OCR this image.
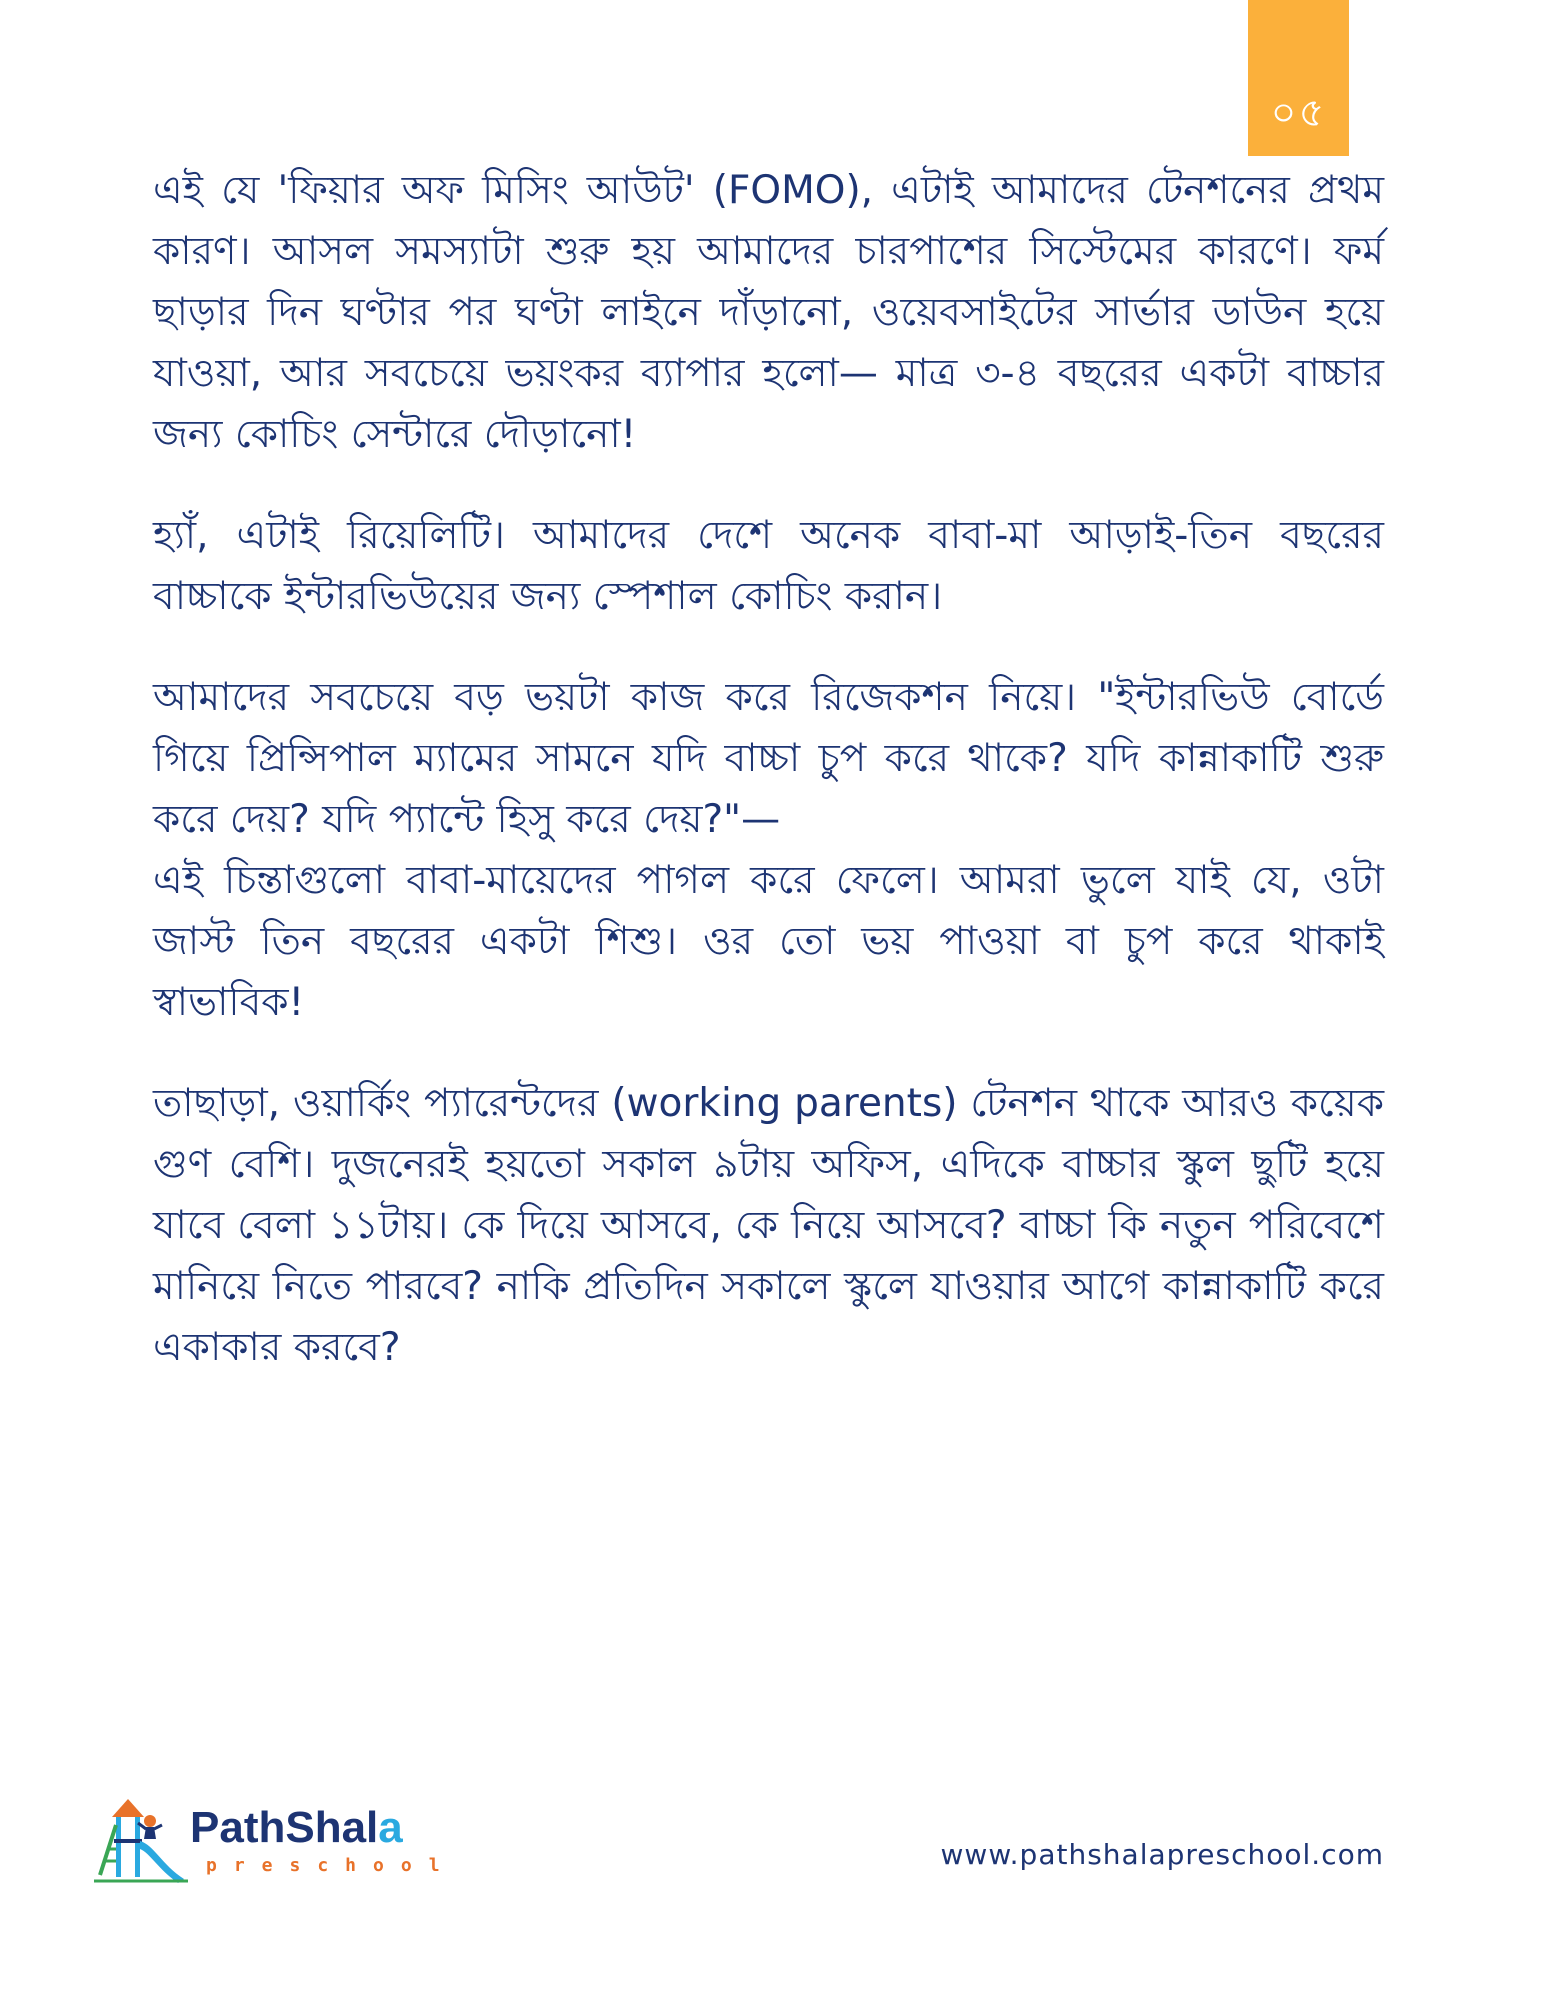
০৫

এই যে 'ফিয়ার অফ মিসিং আউট' (FOMO), এটাই আমাদের টেনশনের প্রথম কারণ। আসল সমস্যাটা শুরু হয় আমাদের চারপাশের সিস্টেমের কারণে। ফর্ম ছাড়ার দিন ঘণ্টার পর ঘণ্টা লাইনে দাঁড়ানো, ওয়েবসাইটের সার্ভার ডাউন হয়ে যাওয়া, আর সবচেয়ে ভয়ংকর ব্যাপার হলো— মাত্র ৩-৪ বছরের একটা বাচ্চার জন্য কোচিং সেন্টারে দৌড়ানো!

হ্যাঁ, এটাই রিয়েলিটি। আমাদের দেশে অনেক বাবা-মা আড়াই-তিন বছরের বাচ্চাকে ইন্টারভিউয়ের জন্য স্পেশাল কোচিং করান।

আমাদের সবচেয়ে বড় ভয়টা কাজ করে রিজেকশন নিয়ে। "ইন্টারভিউ বোর্ডে গিয়ে প্রিন্সিপাল ম্যামের সামনে যদি বাচ্চা চুপ করে থাকে? যদি কান্নাকাটি শুরু করে দেয়? যদি প্যান্টে হিসু করে দেয়?"—

এই চিন্তাগুলো বাবা-মায়েদের পাগল করে ফেলে। আমরা ভুলে যাই যে, ওটা জাস্ট তিন বছরের একটা শিশু। ওর তো ভয় পাওয়া বা চুপ করে থাকাই স্বাভাবিক!

তাছাড়া, ওয়ার্কিং প্যারেন্টদের (working parents) টেনশন থাকে আরও কয়েক গুণ বেশি। দুজনেরই হয়তো সকাল ৯টায় অফিস, এদিকে বাচ্চার স্কুল ছুটি হয়ে যাবে বেলা ১১টায়। কে দিয়ে আসবে, কে নিয়ে আসবে? বাচ্চা কি নতুন পরিবেশে মানিয়ে নিতে পারবে? নাকি প্রতিদিন সকালে স্কুলে যাওয়ার আগে কান্নাকাটি করে একাকার করবে?

PathShala
preschool	www.pathshalapreschool.com
